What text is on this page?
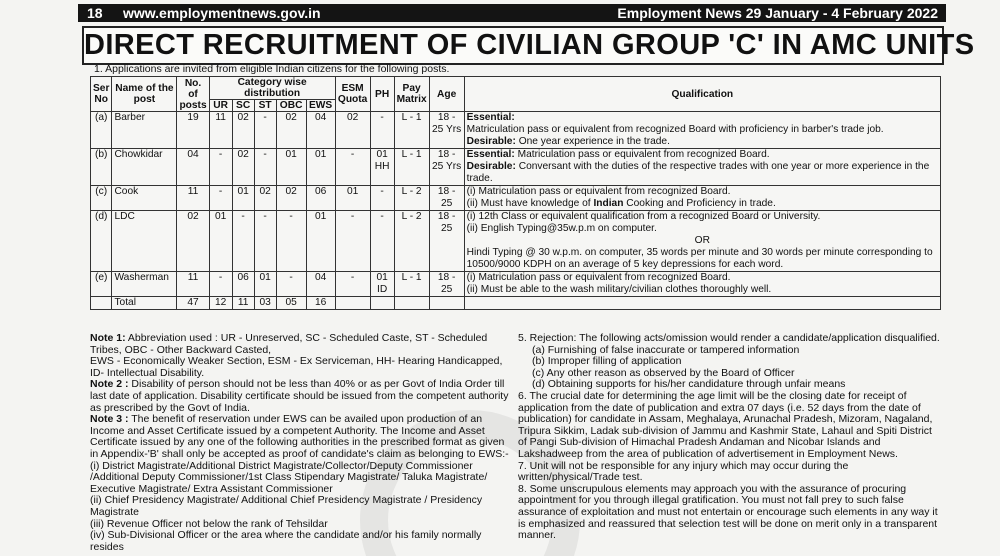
18 www.employmentnews.gov.in	Employment News 29 January - 4 February 2022
DIRECT RECRUITMENT OF CIVILIAN GROUP 'C' IN AMC UNITS
1. Applications are invited from eligible Indian citizens for the following posts.
Ser No	Name of the post	No. of posts	Category wise distribution					ESM Quota	PH	Pay Matrix	Age	Qualification
			UR	SC	ST	OBC	EWS					
(a)	Barber	19	11	02	-	02	04	02	-	L - 1	18 - 25 Yrs	Essential:
Matriculation pass or equivalent from recognized Board with proficiency in barber's trade job.
Desirable: One year experience in the trade.

(b)	Chowkidar	04	-	02	-	01	01	-	01 HH	L - 1	18 - 25 Yrs	Essential: Matriculation pass or equivalent from recognized Board.
Desirable: Conversant with the duties of the respective trades with one year or more experience in the trade.

(c)	Cook	11	-	01	02	02	06	01	-	L - 2	18 - 25	(i) Matriculation pass or equivalent from recognized Board.
(ii) Must have knowledge of Indian Cooking and Proficiency in trade.

(d)	LDC	02	01	-	-	-	01	-	-	L - 2	18 - 25	(i) 12th Class or equivalent qualification from a recognized Board or University.
(ii) English Typing@35w.p.m on computer.
OR
Hindi Typing @ 30 w.p.m. on computer, 35 words per minute and 30 words per minute corresponding to 10500/9000 KDPH on an average of 5 key depressions for each word.

(e)	Washerman	11	-	06	01	-	04	-	01 ID	L - 1	18 - 25	(i) Matriculation pass or equivalent from recognized Board.
(ii) Must be able to the wash military/civilian clothes thoroughly well.

	Total	47	12	11	03	05	16					
Note 1: Abbreviation used : UR - Unreserved, SC - Scheduled Caste, ST - Scheduled Tribes, OBC - Other Backward Casted,
EWS - Economically Weaker Section, ESM - Ex Serviceman, HH- Hearing Handicapped, ID- Intellectual Disability.
Note 2 : Disability of person should not be less than 40% or as per Govt of India Order till last date of application. Disability certificate should be issued from the competent authority as prescribed by the Govt of India.
Note 3 : The benefit of reservation under EWS can be availed upon production of an Income and Asset Certificate issued by a competent Authority. The Income and Asset Certificate issued by any one of the following authorities in the prescribed format as given in Appendix-'B' shall only be accepted as proof of candidate's claim as belonging to EWS:-
(i) District Magistrate/Additional District Magistrate/Collector/Deputy Commissioner /Additional Deputy Commissioner/1st Class Stipendary Magistrate/ Taluka Magistrate/ Executive Magistrate/ Extra Assistant Commissioner
(ii) Chief Presidency Magistrate/ Additional Chief Presidency Magistrate / Presidency Magistrate
(iii) Revenue Officer not below the rank of Tehsildar
(iv) Sub-Divisional Officer or the area where the candidate and/or his family normally resides
5. Rejection: The following acts/omission would render a candidate/application disqualified.
(a) Furnishing of false inaccurate or tampered information
(b) Improper filling of application
(c) Any other reason as observed by the Board of Officer
(d) Obtaining supports for his/her candidature through unfair means
6. The crucial date for determining the age limit will be the closing date for receipt of application from the date of publication and extra 07 days (i.e. 52 days from the date of publication) for candidate in Assam, Meghalaya, Arunachal Pradesh, Mizoram, Nagaland, Tripura Sikkim, Ladak sub-division of Jammu and Kashmir State, Lahaul and Spiti District of Pangi Sub-division of Himachal Pradesh Andaman and Nicobar Islands and Lakshadweep from the area of publication of advertisement in Employment News.
7. Unit will not be responsible for any injury which may occur during the written/physical/Trade test.
8. Some unscrupulous elements may approach you with the assurance of procuring appointment for you through illegal gratification. You must not fall prey to such false assurance of exploitation and must not entertain or encourage such elements in any way it is emphasized and reassured that selection test will be done on merit only in a transparent manner.
